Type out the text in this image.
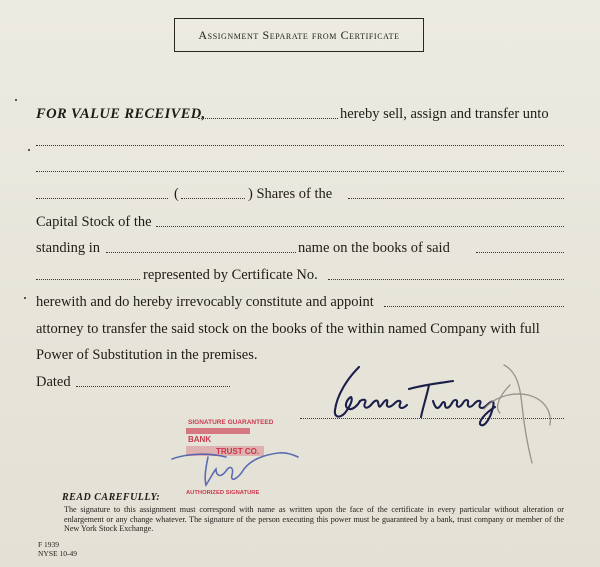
Assignment Separate from Certificate
FOR VALUE RECEIVED,	hereby sell, assign and transfer unto
(	) Shares of the
Capital Stock of the
standing in	name on the books of said
represented by Certificate No.
herewith and do hereby irrevocably constitute and appoint
attorney to transfer the said stock on the books of the within named Company with full
Power of Substitution in the premises.
Dated
SIGNATURE GUARANTEED
BANK
TRUST CO.
AUTHORIZED SIGNATURE
READ CAREFULLY:
The signature to this assignment must correspond with name as written upon the face of the certificate in every particular without alteration or enlargement or any change whatever. The signature of the person executing this power must be guaranteed by a bank, trust company or member of the New York Stock Exchange.
F 1939
NYSE 10-49
